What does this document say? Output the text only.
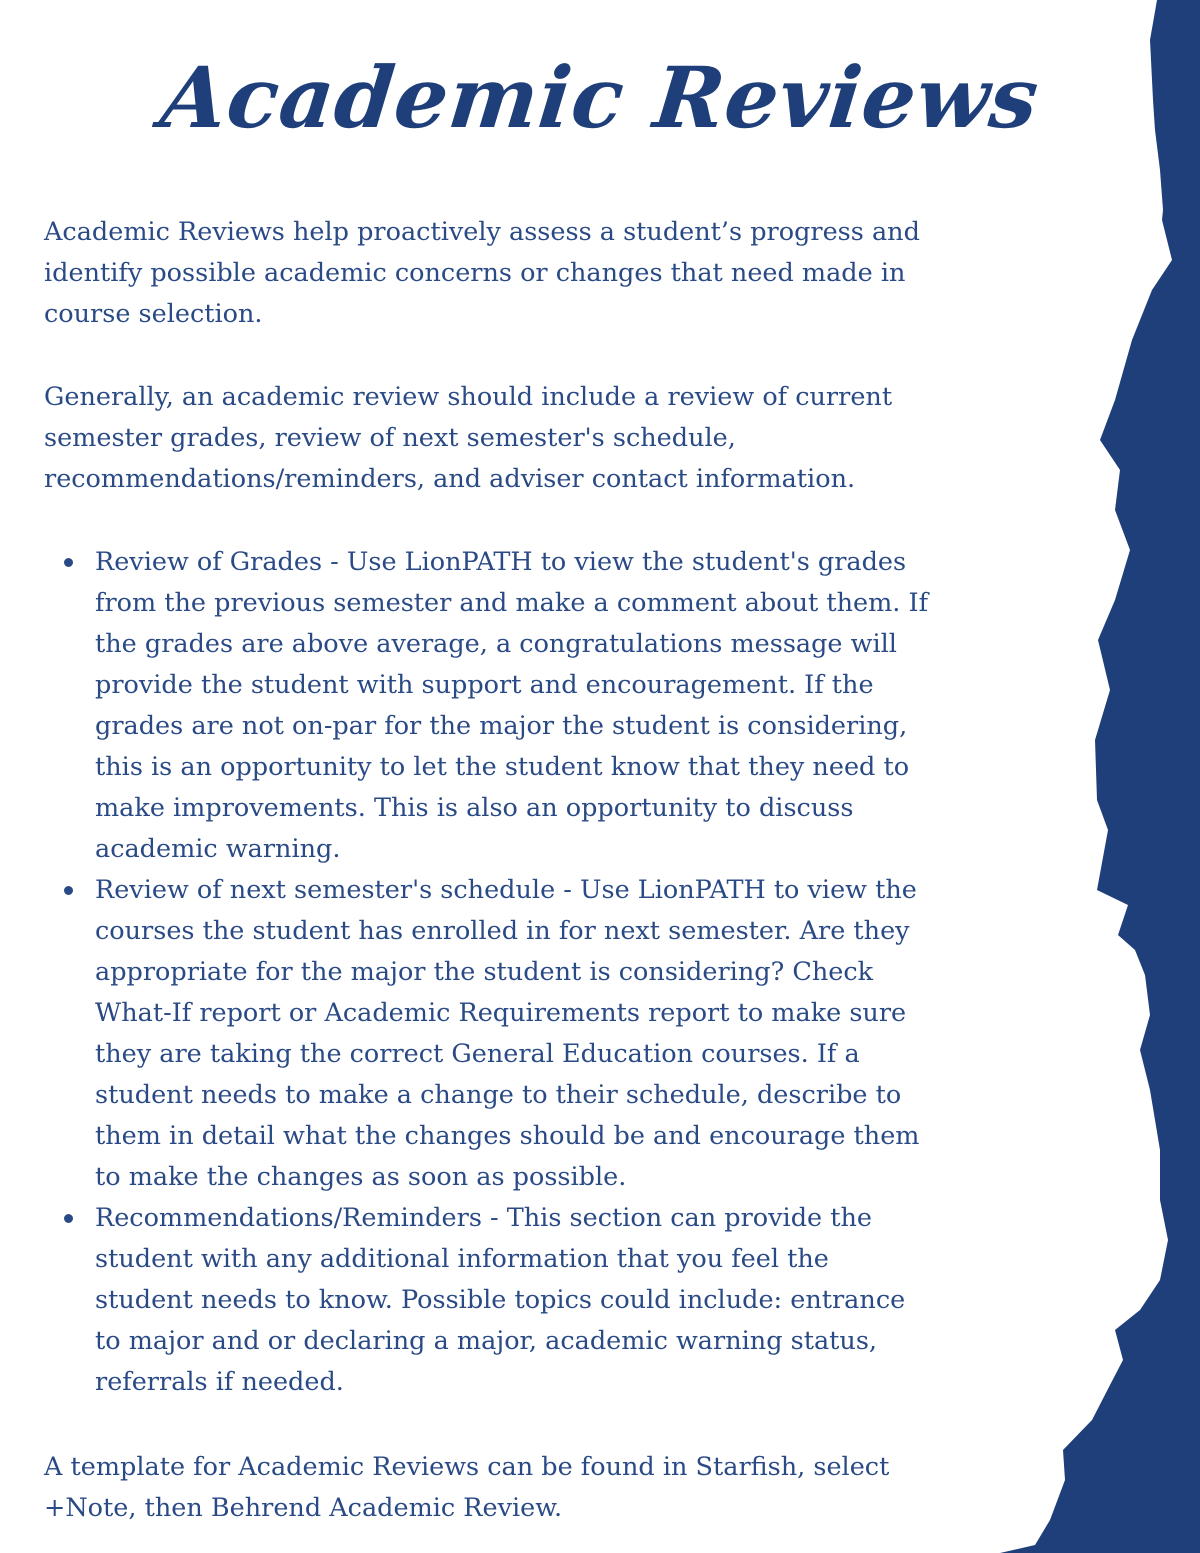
Academic Reviews
Academic Reviews help proactively assess a student’s progress and
identify possible academic concerns or changes that need made in
course selection.
Generally, an academic review should include a review of current
semester grades, review of next semester's schedule,
recommendations/reminders, and adviser contact information.
Review of Grades - Use LionPATH to view the student's grades
from the previous semester and make a comment about them. If
the grades are above average, a congratulations message will
provide the student with support and encouragement. If the
grades are not on-par for the major the student is considering,
this is an opportunity to let the student know that they need to
make improvements. This is also an opportunity to discuss
academic warning.
Review of next semester's schedule - Use LionPATH to view the
courses the student has enrolled in for next semester. Are they
appropriate for the major the student is considering? Check
What-If report or Academic Requirements report to make sure
they are taking the correct General Education courses. If a
student needs to make a change to their schedule, describe to
them in detail what the changes should be and encourage them
to make the changes as soon as possible.
Recommendations/Reminders - This section can provide the
student with any additional information that you feel the
student needs to know. Possible topics could include: entrance
to major and or declaring a major, academic warning status,
referrals if needed.
A template for Academic Reviews can be found in Starfish, select
+Note, then Behrend Academic Review.
